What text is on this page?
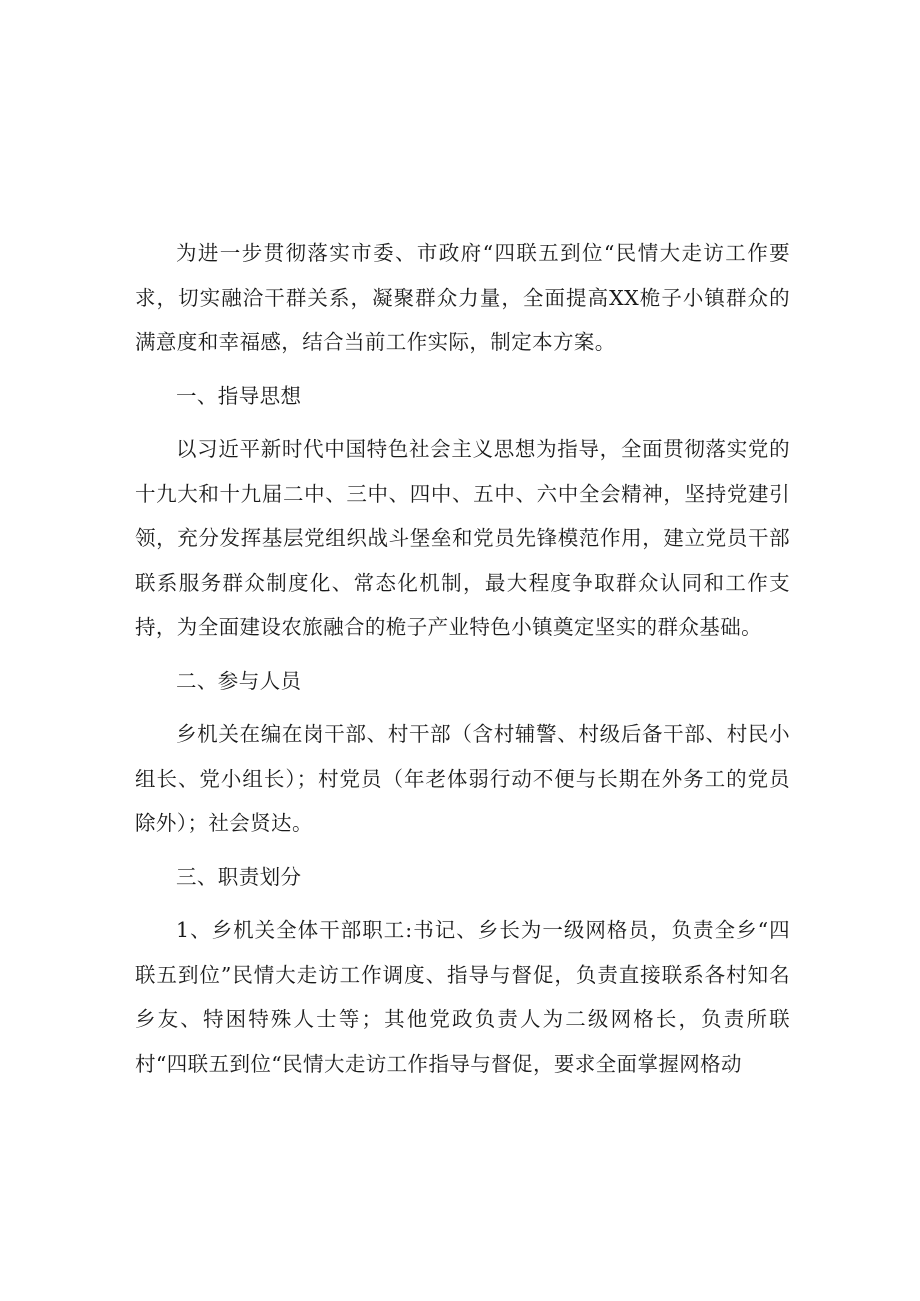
为进一步贯彻落实市委、市政府“四联五到位“民情大走访工作要求，切实融洽干群关系，凝聚群众力量，全面提高XX桅子小镇群众的满意度和幸福感，结合当前工作实际，制定本方案。

一、指导思想

以习近平新时代中国特色社会主义思想为指导，全面贯彻落实党的十九大和十九届二中、三中、四中、五中、六中全会精神，坚持党建引领，充分发挥基层党组织战斗堡垒和党员先锋模范作用，建立党员干部联系服务群众制度化、常态化机制，最大程度争取群众认同和工作支持，为全面建设农旅融合的桅子产业特色小镇奠定坚实的群众基础。

二、参与人员

乡机关在编在岗干部、村干部（含村辅警、村级后备干部、村民小组长、党小组长）；村党员（年老体弱行动不便与长期在外务工的党员除外）；社会贤达。

三、职责划分

1、乡机关全体干部职工:书记、乡长为一级网格员，负责全乡“四联五到位”民情大走访工作调度、指导与督促，负责直接联系各村知名乡友、特困特殊人士等；其他党政负责人为二级网格长，负责所联村“四联五到位“民情大走访工作指导与督促，要求全面掌握网格动
